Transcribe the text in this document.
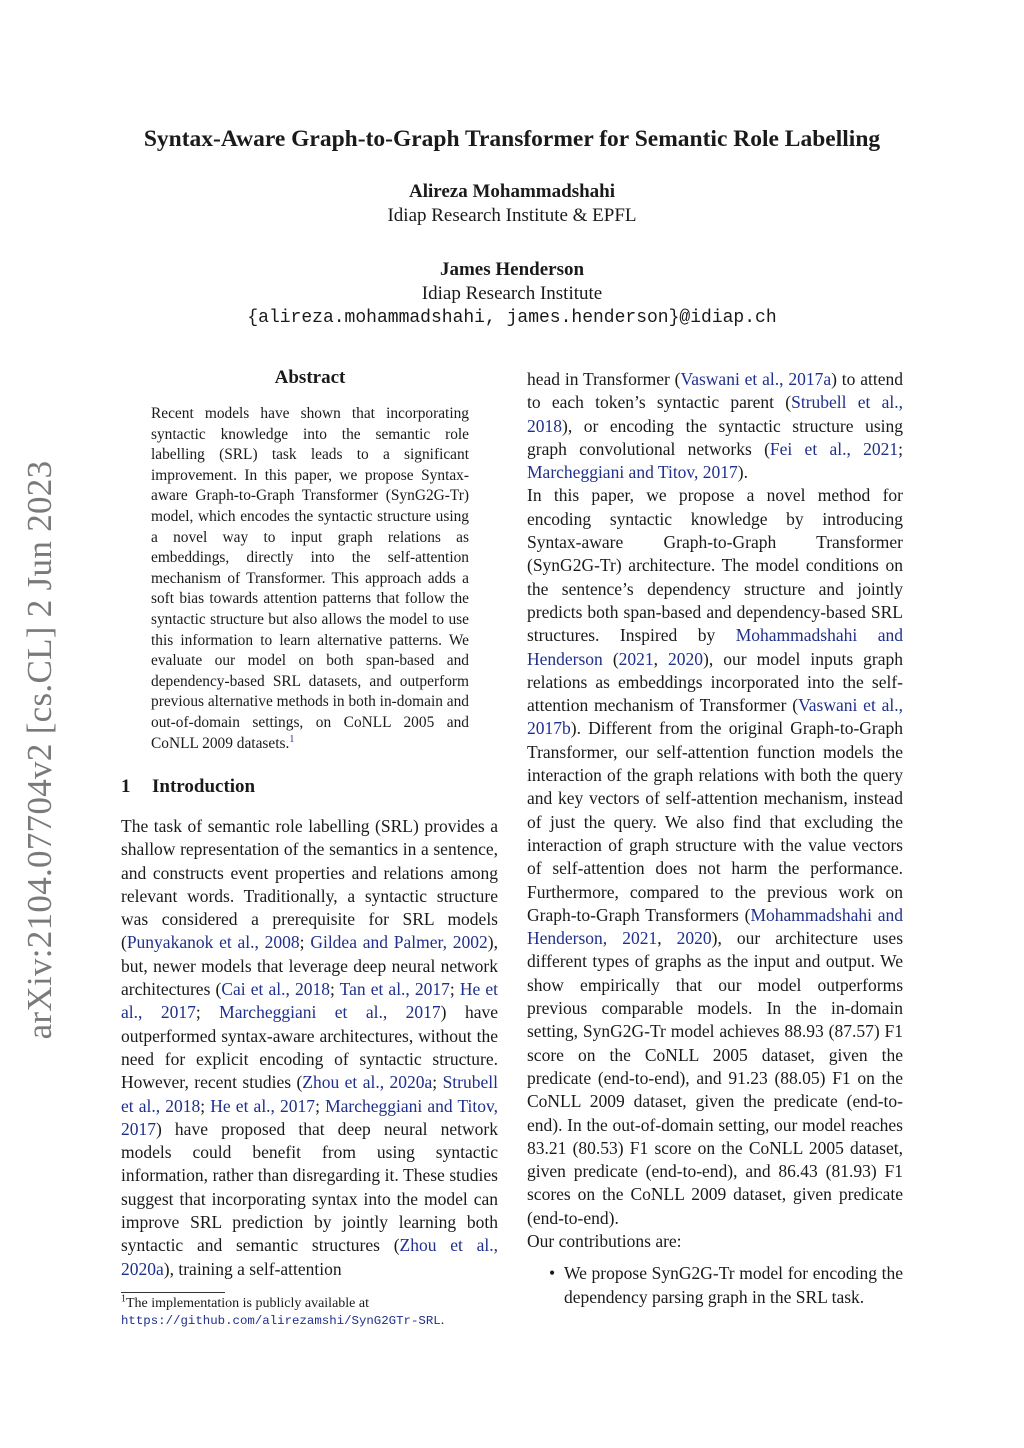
arXiv:2104.07704v2 [cs.CL] 2 Jun 2023
Syntax-Aware Graph-to-Graph Transformer for Semantic Role Labelling
Alireza Mohammadshahi
Idiap Research Institute & EPFL
James Henderson
Idiap Research Institute
{alireza.mohammadshahi, james.henderson}@idiap.ch
Abstract

Recent models have shown that incorporating syntactic knowledge into the semantic role labelling (SRL) task leads to a significant improvement. In this paper, we propose Syntax-aware Graph-to-Graph Transformer (SynG2G-Tr) model, which encodes the syntactic structure using a novel way to input graph relations as embeddings, directly into the self-attention mechanism of Transformer. This approach adds a soft bias towards attention patterns that follow the syntactic structure but also allows the model to use this information to learn alternative patterns. We evaluate our model on both span-based and dependency-based SRL datasets, and outperform previous alternative methods in both in-domain and out-of-domain settings, on CoNLL 2005 and CoNLL 2009 datasets.$^1$

1 Introduction

The task of semantic role labelling (SRL) provides a shallow representation of the semantics in a sentence, and constructs event properties and relations among relevant words. Traditionally, a syntactic structure was considered a prerequisite for SRL models (Punyakanok et al., 2008; Gildea and Palmer, 2002), but, newer models that leverage deep neural network architectures (Cai et al., 2018; Tan et al., 2017; He et al., 2017; Marcheggiani et al., 2017) have outperformed syntax-aware architectures, without the need for explicit encoding of syntactic structure. However, recent studies (Zhou et al., 2020a; Strubell et al., 2018; He et al., 2017; Marcheggiani and Titov, 2017) have proposed that deep neural network models could benefit from using syntactic information, rather than disregarding it. These studies suggest that incorporating syntax into the model can improve SRL prediction by jointly learning both syntactic and semantic structures (Zhou et al., 2020a), training a self-attention

$^1$The implementation is publicly available at
https://github.com/alirezamshi/SynG2GTr-SRL.

head in Transformer (Vaswani et al., 2017a) to attend to each token’s syntactic parent (Strubell et al., 2018), or encoding the syntactic structure using graph convolutional networks (Fei et al., 2021; Marcheggiani and Titov, 2017).

In this paper, we propose a novel method for encoding syntactic knowledge by introducing Syntax-aware Graph-to-Graph Transformer (SynG2G-Tr) architecture. The model conditions on the sentence’s dependency structure and jointly predicts both span-based and dependency-based SRL structures. Inspired by Mohammadshahi and Henderson (2021, 2020), our model inputs graph relations as embeddings incorporated into the self-attention mechanism of Transformer (Vaswani et al., 2017b). Different from the original Graph-to-Graph Transformer, our self-attention function models the interaction of the graph relations with both the query and key vectors of self-attention mechanism, instead of just the query. We also find that excluding the interaction of graph structure with the value vectors of self-attention does not harm the performance. Furthermore, compared to the previous work on Graph-to-Graph Transformers (Mohammadshahi and Henderson, 2021, 2020), our architecture uses different types of graphs as the input and output. We show empirically that our model outperforms previous comparable models. In the in-domain setting, SynG2G-Tr model achieves 88.93 (87.57) F1 score on the CoNLL 2005 dataset, given the predicate (end-to-end), and 91.23 (88.05) F1 on the CoNLL 2009 dataset, given the predicate (end-to-end). In the out-of-domain setting, our model reaches 83.21 (80.53) F1 score on the CoNLL 2005 dataset, given predicate (end-to-end), and 86.43 (81.93) F1 scores on the CoNLL 2009 dataset, given predicate (end-to-end).

Our contributions are:

• We propose SynG2G-Tr model for encoding the dependency parsing graph in the SRL task.
